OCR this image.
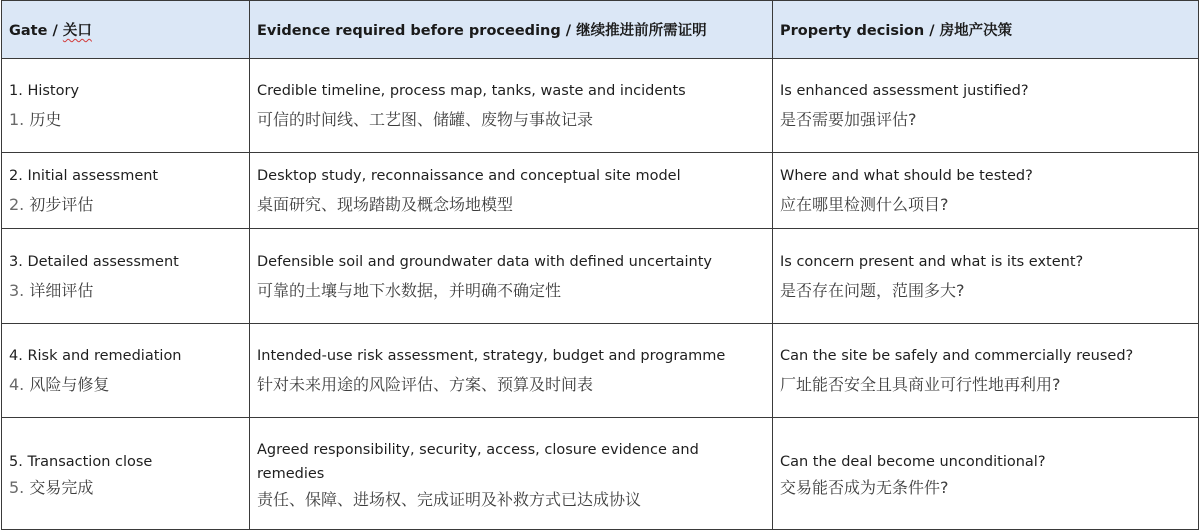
Gate / 关口	Evidence required before proceeding / 继续推进前所需证明	Property decision / 房地产决策

1. History
1. 历史	Credible timeline, process map, tanks, waste and incidents
可信的时间线、工艺图、储罐、废物与事故记录	Is enhanced assessment justified?
是否需要加强评估?

2. Initial assessment
2. 初步评估	Desktop study, reconnaissance and conceptual site model
桌面研究、现场踏勘及概念场地模型	Where and what should be tested?
应在哪里检测什么项目?

3. Detailed assessment
3. 详细评估	Defensible soil and groundwater data with defined uncertainty
可靠的土壤与地下水数据，并明确不确定性	Is concern present and what is its extent?
是否存在问题，范围多大?

4. Risk and remediation
4. 风险与修复	Intended-use risk assessment, strategy, budget and programme
针对未来用途的风险评估、方案、预算及时间表	Can the site be safely and commercially reused?
厂址能否安全且具商业可行性地再利用?

5. Transaction close
5. 交易完成	Agreed responsibility, security, access, closure evidence and remedies
责任、保障、进场权、完成证明及补救方式已达成协议	Can the deal become unconditional?
交易能否成为无条件件?
